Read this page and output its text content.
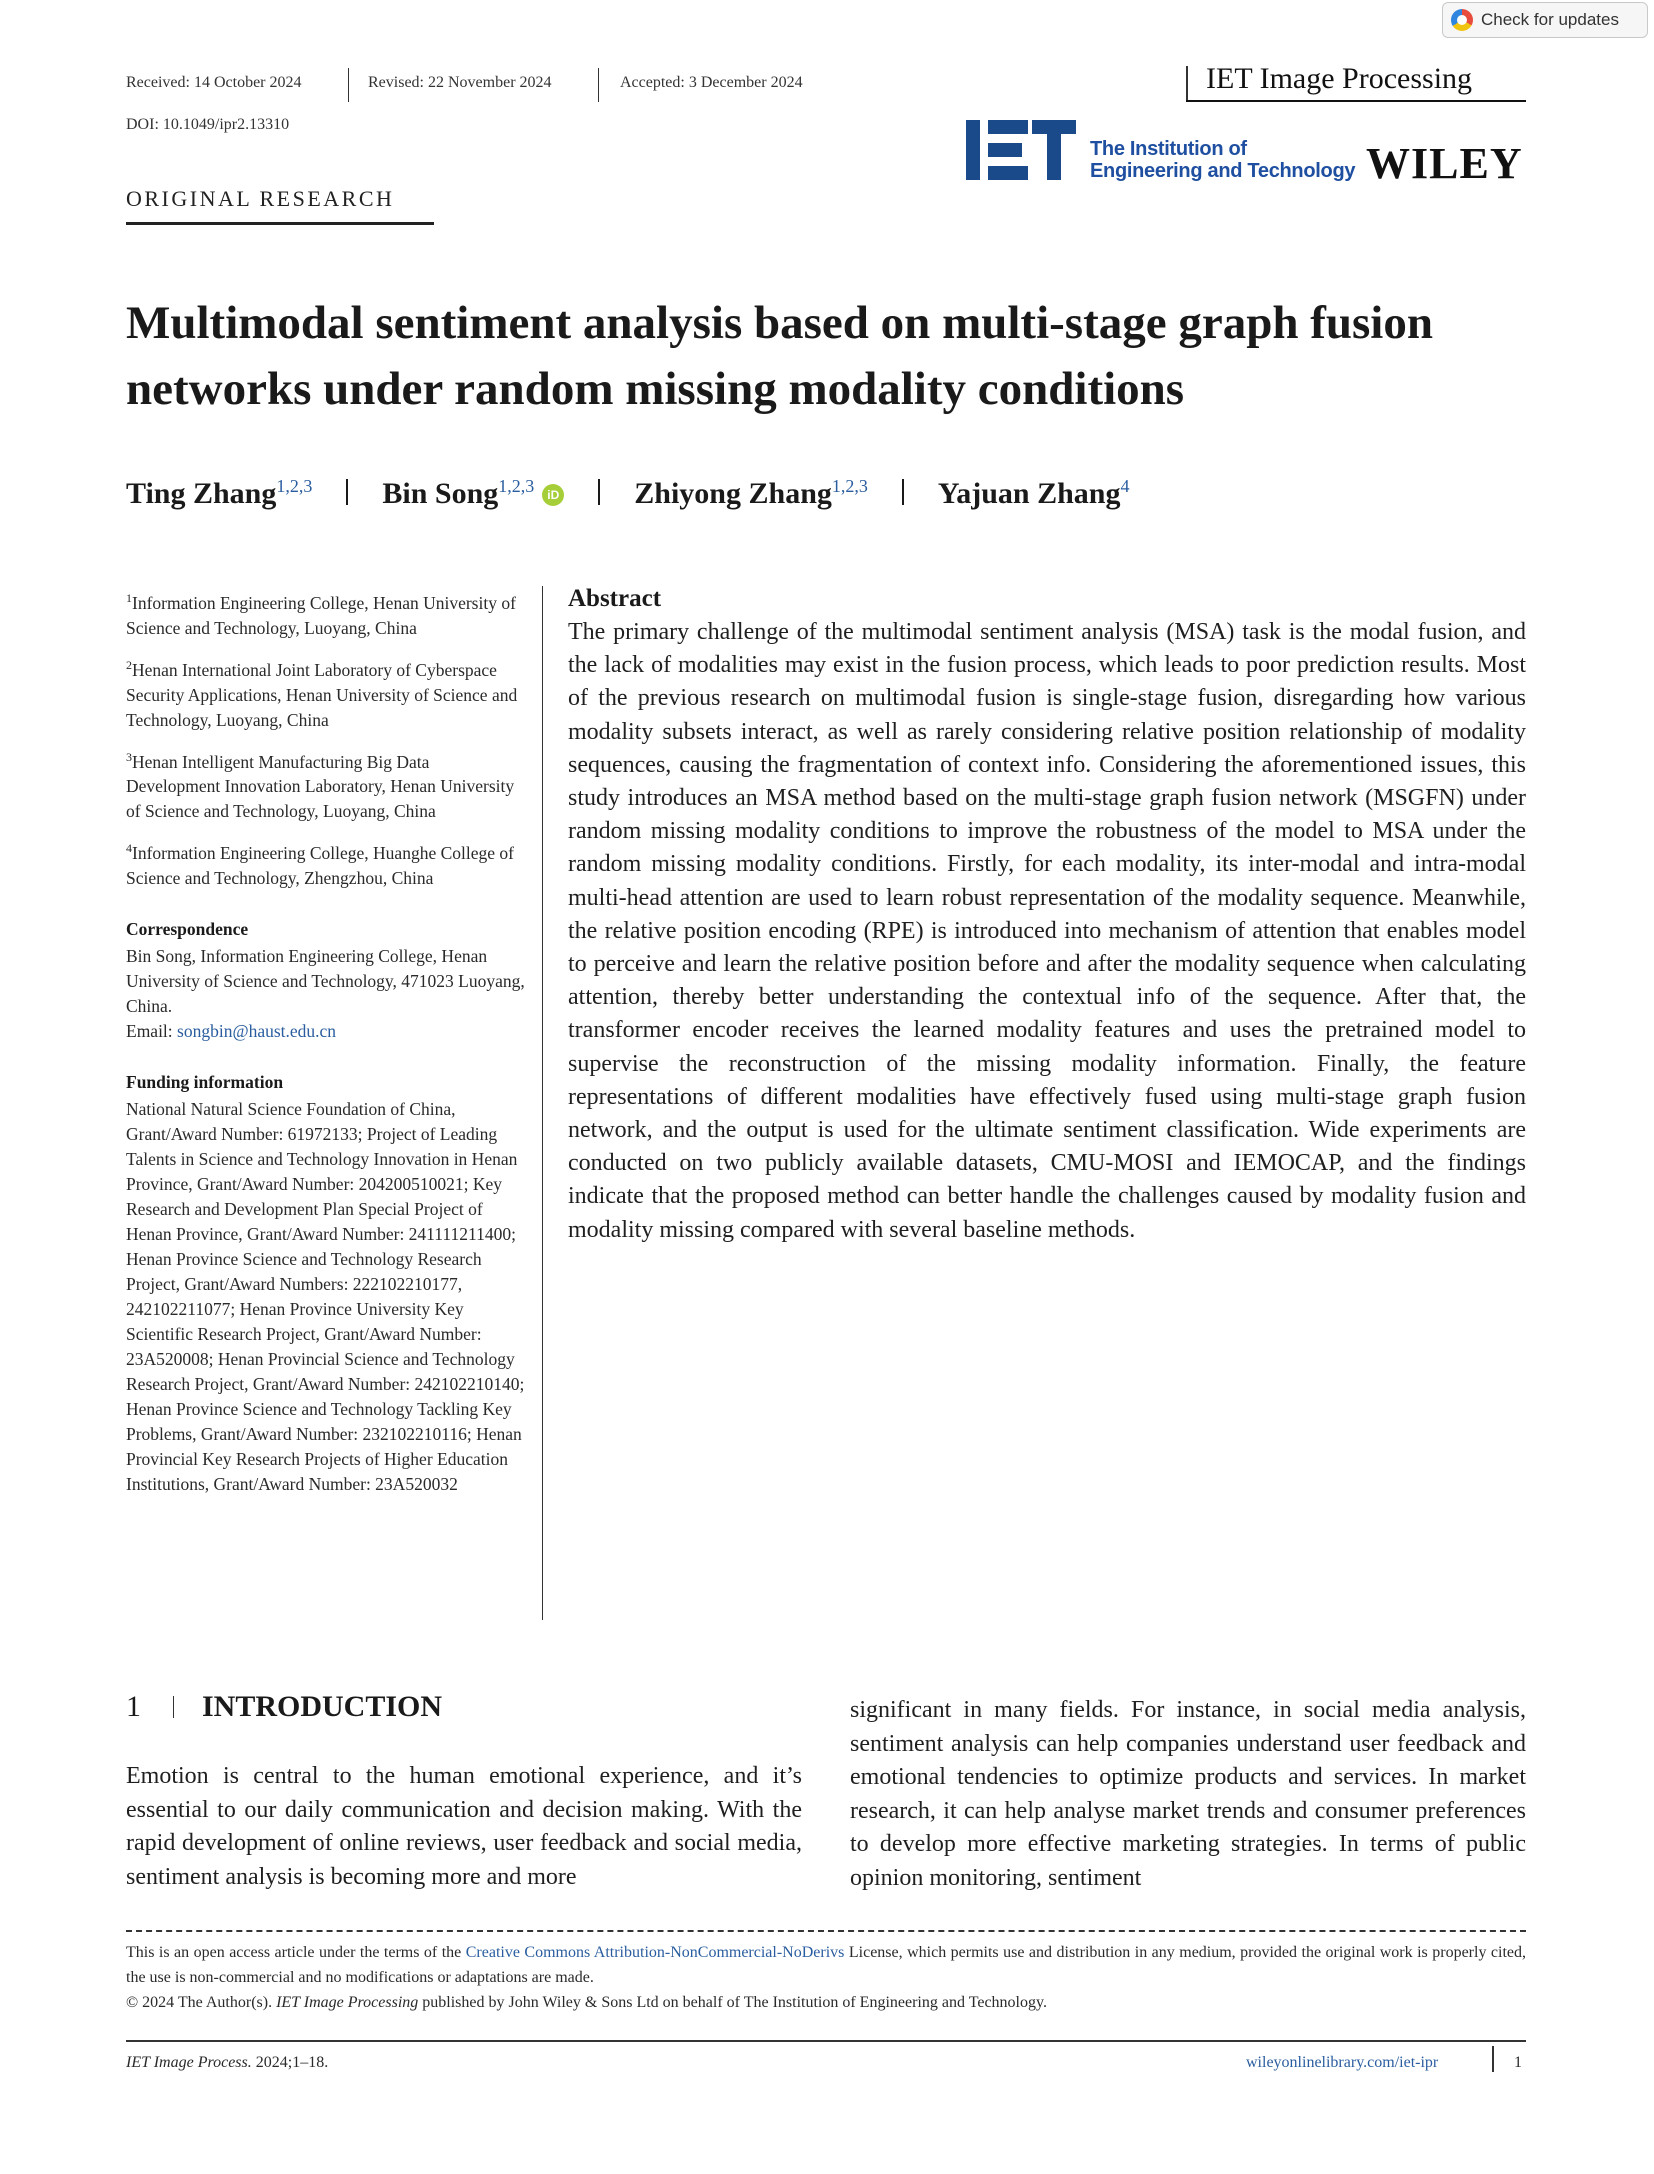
Check for updates
Received: 14 October 2024	Revised: 22 November 2024	Accepted: 3 December 2024
DOI: 10.1049/ipr2.13310
IET Image Processing
The Institution of
Engineering and Technology WILEY
ORIGINAL RESEARCH
Multimodal sentiment analysis based on multi-stage graph fusion networks under random missing modality conditions
Ting Zhang$^{1,2,3}$ Bin Song$^{1,2,3}$ iD	Zhiyong Zhang$^{1,2,3}$ Yajuan Zhang$^4$

$^1$Information Engineering College, Henan University of Science and Technology, Luoyang, China

$^2$Henan International Joint Laboratory of Cyberspace Security Applications, Henan University of Science and Technology, Luoyang, China

$^3$Henan Intelligent Manufacturing Big Data Development Innovation Laboratory, Henan University of Science and Technology, Luoyang, China

$^4$Information Engineering College, Huanghe College of Science and Technology, Zhengzhou, China

Correspondence

Bin Song, Information Engineering College, Henan University of Science and Technology, 471023 Luoyang, China.
Email: songbin@haust.edu.cn

Funding information

National Natural Science Foundation of China, Grant/Award Number: 61972133; Project of Leading Talents in Science and Technology Innovation in Henan Province, Grant/Award Number: 204200510021; Key Research and Development Plan Special Project of Henan Province, Grant/Award Number: 241111211400; Henan Province Science and Technology Research Project, Grant/Award Numbers: 222102210177, 242102211077; Henan Province University Key Scientific Research Project, Grant/Award Number: 23A520008; Henan Provincial Science and Technology Research Project, Grant/Award Number: 242102210140; Henan Province Science and Technology Tackling Key Problems, Grant/Award Number: 232102210116; Henan Provincial Key Research Projects of Higher Education Institutions, Grant/Award Number: 23A520032

Abstract

The primary challenge of the multimodal sentiment analysis (MSA) task is the modal fusion, and the lack of modalities may exist in the fusion process, which leads to poor prediction results. Most of the previous research on multimodal fusion is single-stage fusion, disregarding how various modality subsets interact, as well as rarely considering relative position relationship of modality sequences, causing the fragmentation of context info. Considering the aforementioned issues, this study introduces an MSA method based on the multi-stage graph fusion network (MSGFN) under random missing modality conditions to improve the robustness of the model to MSA under the random missing modality conditions. Firstly, for each modality, its inter-modal and intra-modal multi-head attention are used to learn robust representation of the modality sequence. Meanwhile, the relative position encoding (RPE) is introduced into mechanism of attention that enables model to perceive and learn the relative position before and after the modality sequence when calculating attention, thereby better understanding the contextual info of the sequence. After that, the transformer encoder receives the learned modality features and uses the pretrained model to supervise the reconstruction of the missing modality information. Finally, the feature representations of different modalities have effectively fused using multi-stage graph fusion network, and the output is used for the ultimate sentiment classification. Wide experiments are conducted on two publicly available datasets, CMU-MOSI and IEMOCAP, and the findings indicate that the proposed method can better handle the challenges caused by modality fusion and modality missing compared with several baseline methods.

1 INTRODUCTION

Emotion is central to the human emotional experience, and it’s essential to our daily communication and decision making. With the rapid development of online reviews, user feedback and social media, sentiment analysis is becoming more and more

significant in many fields. For instance, in social media analysis, sentiment analysis can help companies understand user feedback and emotional tendencies to optimize products and services. In market research, it can help analyse market trends and consumer preferences to develop more effective marketing strategies. In terms of public opinion monitoring, sentiment

This is an open access article under the terms of the Creative Commons Attribution-NonCommercial-NoDerivs License, which permits use and distribution in any medium, provided the original work is properly cited, the use is non-commercial and no modifications or adaptations are made.

© 2024 The Author(s). IET Image Processing published by John Wiley & Sons Ltd on behalf of The Institution of Engineering and Technology.

IET Image Process. 2024;1–18.	wileyonlinelibrary.com/iet-ipr	1
